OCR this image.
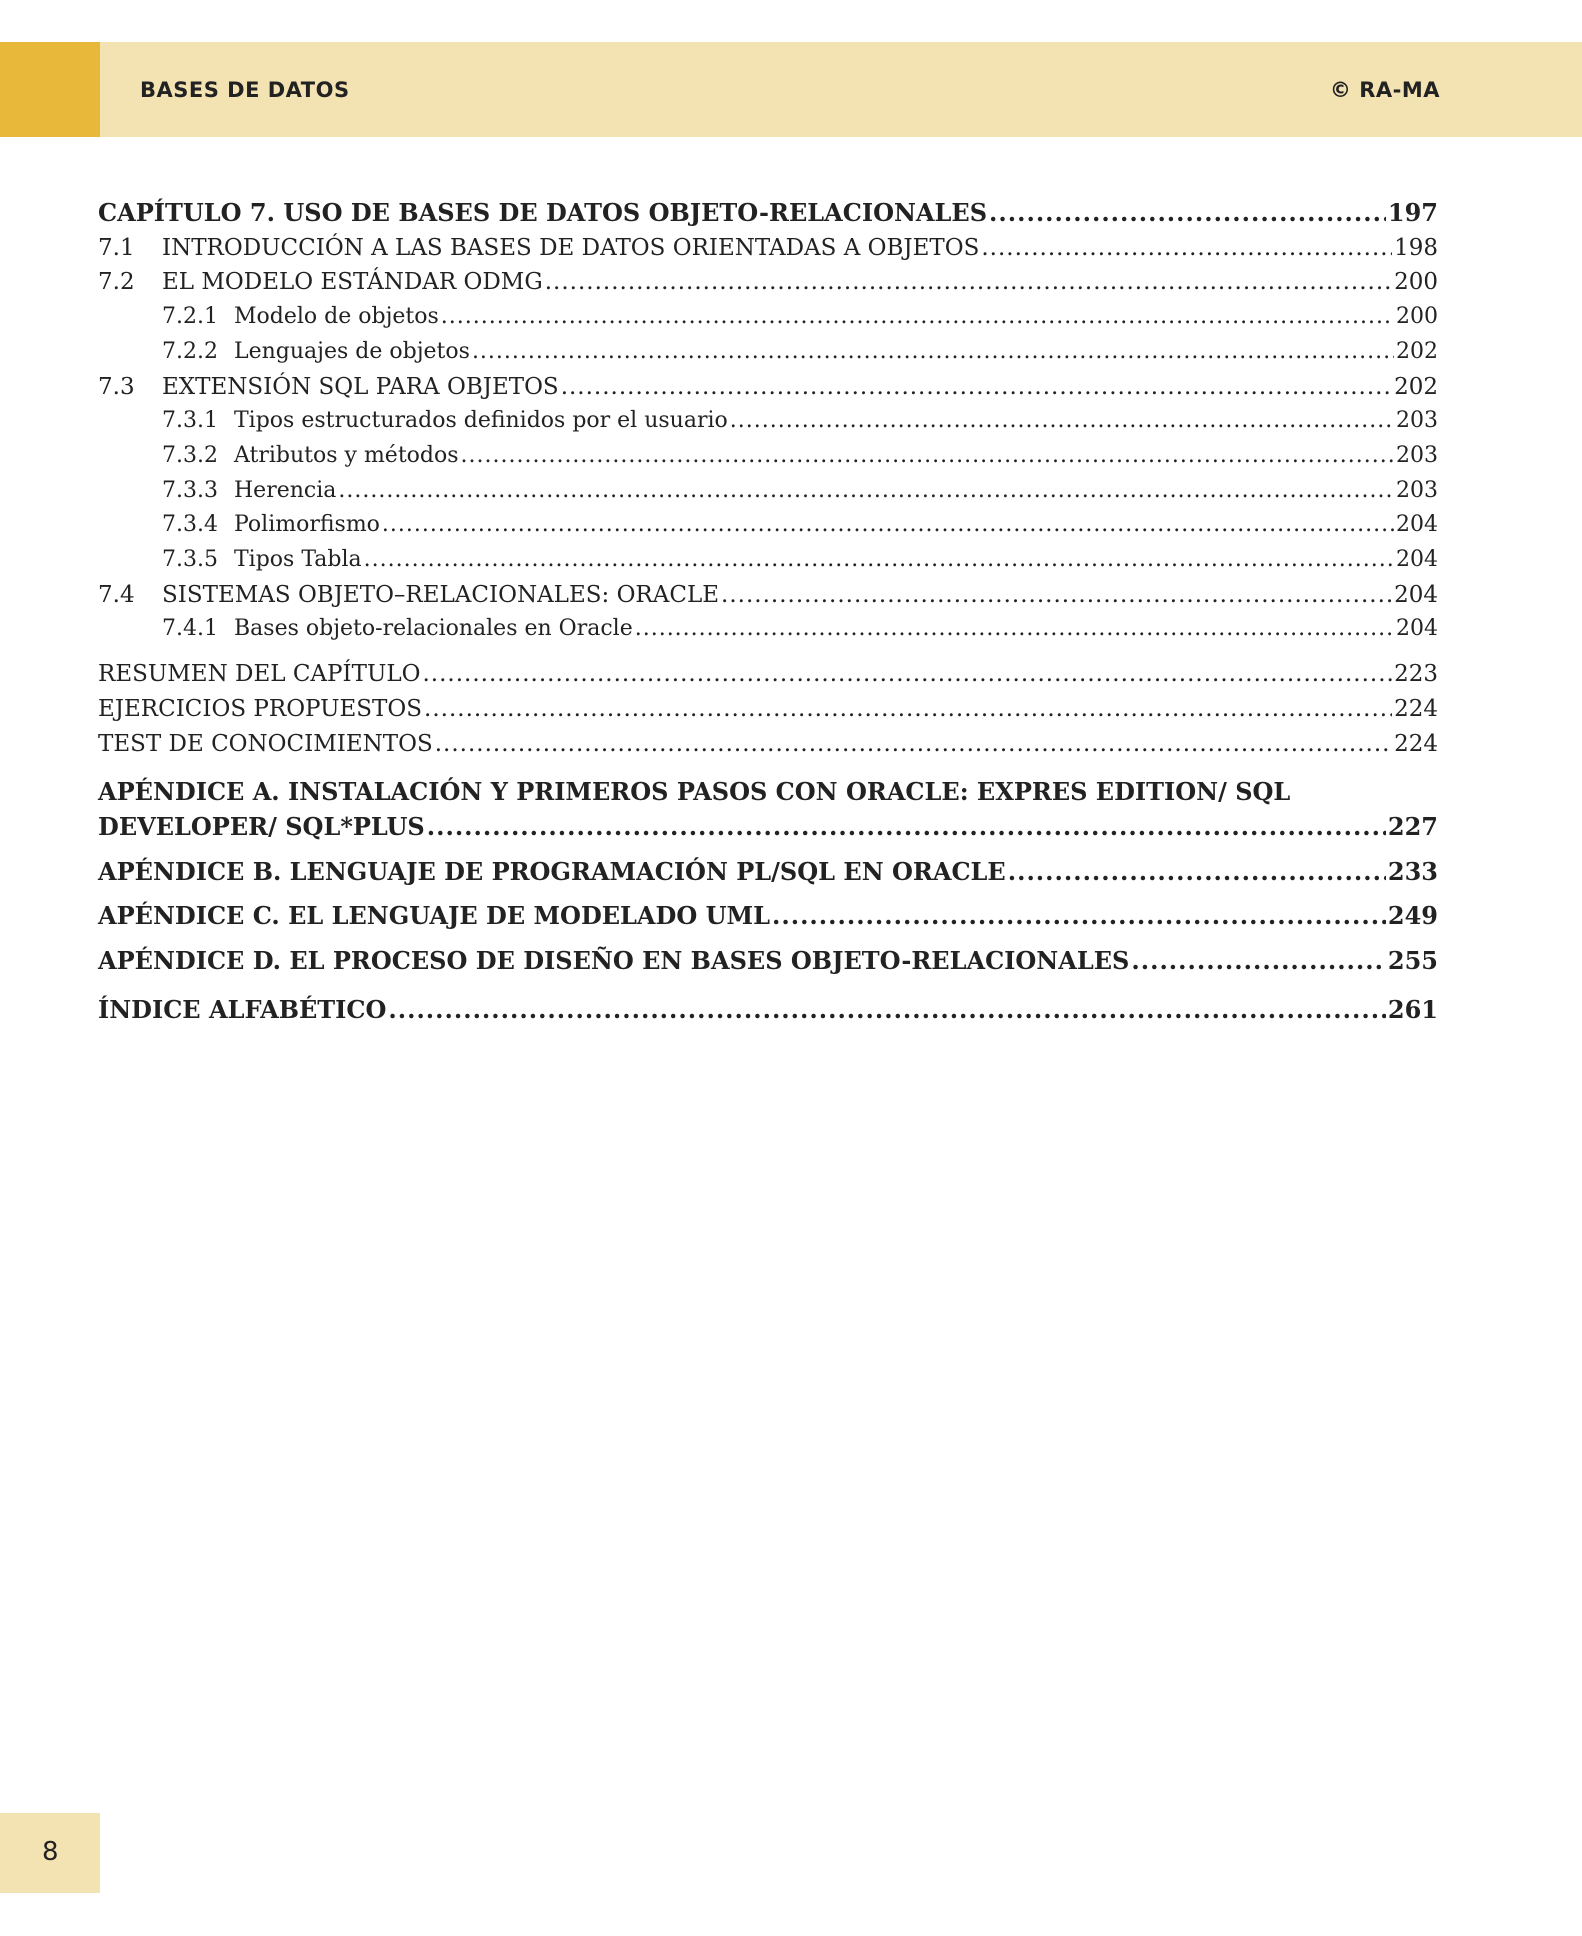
BASES DE DATOS	© RA-MA
CAPÍTULO 7. USO DE BASES DE DATOS OBJETO-RELACIONALES .....	197
7.1	INTRODUCCIÓN A LAS BASES DE DATOS ORIENTADAS A OBJETOS .....	198
7.2	EL MODELO ESTÁNDAR ODMG .....	200
7.2.1 Modelo de objetos .....	200
7.2.2 Lenguajes de objetos .....	202
7.3	EXTENSIÓN SQL PARA OBJETOS .....	202
7.3.1 Tipos estructurados definidos por el usuario .....	203
7.3.2 Atributos y métodos .....	203
7.3.3 Herencia .....	203
7.3.4 Polimorfismo .....	204
7.3.5 Tipos Tabla .....	204
7.4	SISTEMAS OBJETO–RELACIONALES: ORACLE .....	204
7.4.1 Bases objeto-relacionales en Oracle .....	204
RESUMEN DEL CAPÍTULO .....	223
EJERCICIOS PROPUESTOS .....	224
TEST DE CONOCIMIENTOS .....	224
APÉNDICE A. INSTALACIÓN Y PRIMEROS PASOS CON ORACLE: EXPRES EDITION/ SQL
DEVELOPER/ SQL*PLUS .....	227
APÉNDICE B. LENGUAJE DE PROGRAMACIÓN PL/SQL EN ORACLE .....	233
APÉNDICE C. EL LENGUAJE DE MODELADO UML .....	249
APÉNDICE D. EL PROCESO DE DISEÑO EN BASES OBJETO-RELACIONALES .....	255
ÍNDICE ALFABÉTICO .....	261
8
